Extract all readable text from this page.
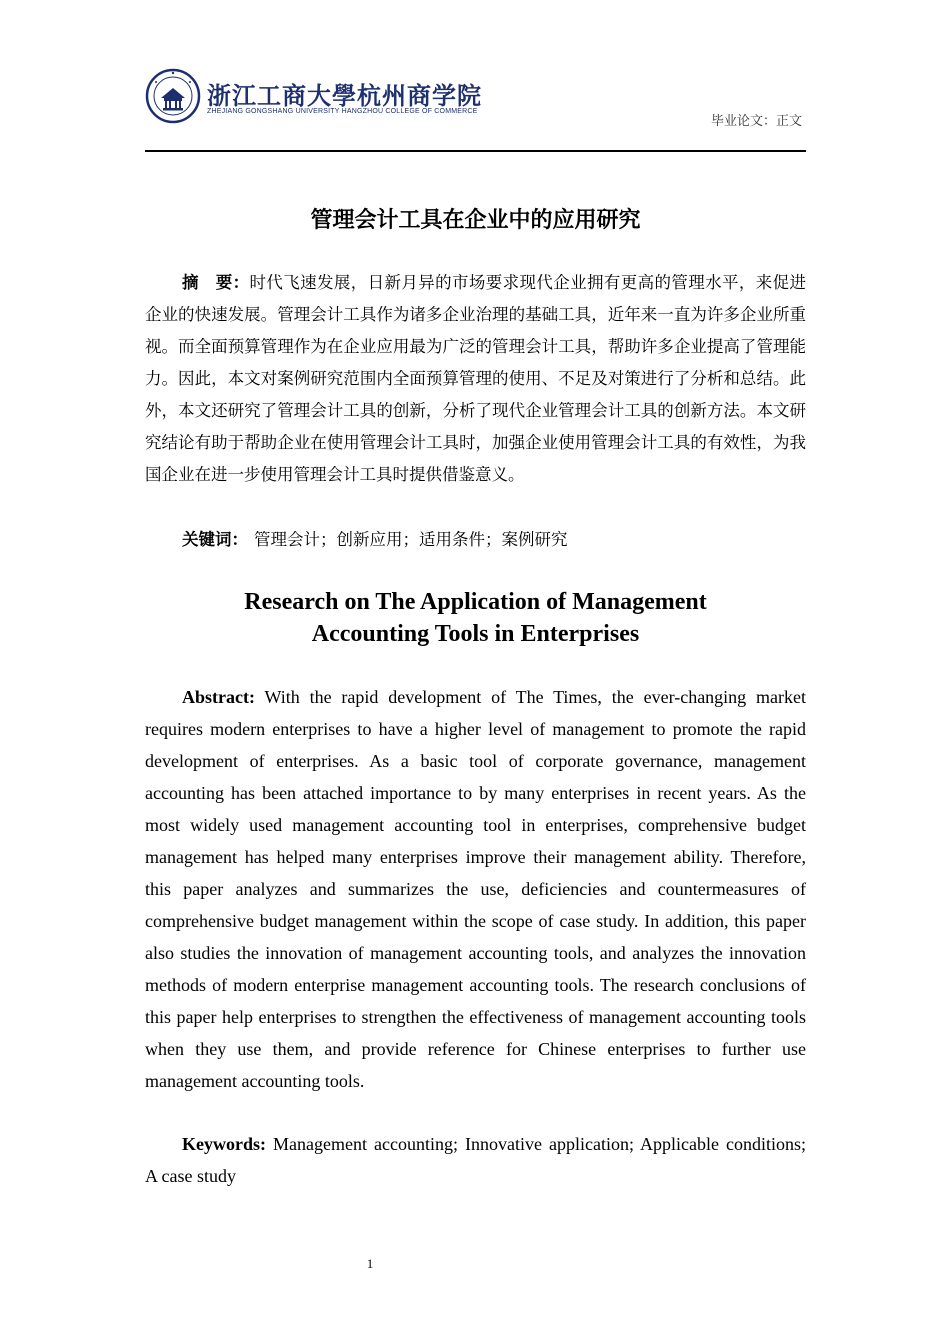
浙江工商大學杭州商学院
ZHEJIANG GONGSHANG UNIVERSITY HANGZHOU COLLEGE OF COMMERCE
毕业论文：正文
管理会计工具在企业中的应用研究
摘　要：时代飞速发展，日新月异的市场要求现代企业拥有更高的管理水平，来促进企业的快速发展。管理会计工具作为诸多企业治理的基础工具，近年来一直为许多企业所重视。而全面预算管理作为在企业应用最为广泛的管理会计工具，帮助许多企业提高了管理能力。因此，本文对案例研究范围内全面预算管理的使用、不足及对策进行了分析和总结。此外，本文还研究了管理会计工具的创新，分析了现代企业管理会计工具的创新方法。本文研究结论有助于帮助企业在使用管理会计工具时，加强企业使用管理会计工具的有效性，为我国企业在进一步使用管理会计工具时提供借鉴意义。
关键词： 管理会计；创新应用；适用条件；案例研究
Research on The Application of Management
Accounting Tools in Enterprises
Abstract: With the rapid development of The Times, the ever-changing market requires modern enterprises to have a higher level of management to promote the rapid development of enterprises. As a basic tool of corporate governance, management accounting has been attached importance to by many enterprises in recent years. As the most widely used management accounting tool in enterprises, comprehensive budget management has helped many enterprises improve their management ability. Therefore, this paper analyzes and summarizes the use, deficiencies and countermeasures of comprehensive budget management within the scope of case study. In addition, this paper also studies the innovation of management accounting tools, and analyzes the innovation methods of modern enterprise management accounting tools. The research conclusions of this paper help enterprises to strengthen the effectiveness of management accounting tools when they use them, and provide reference for Chinese enterprises to further use management accounting tools.
Keywords: Management accounting; Innovative application; Applicable conditions; A case study
1
